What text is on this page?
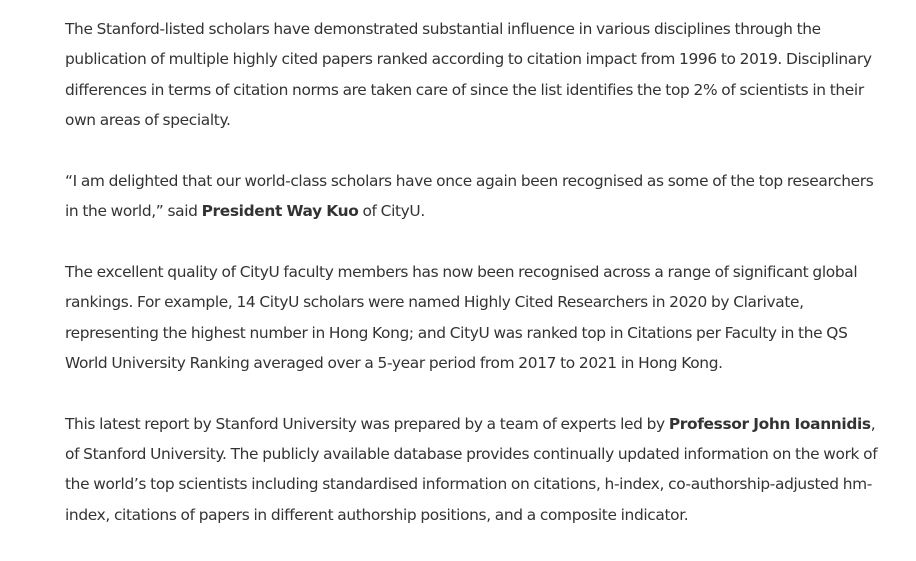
The Stanford-listed scholars have demonstrated substantial influence in various disciplines through the publication of multiple highly cited papers ranked according to citation impact from 1996 to 2019. Disciplinary differences in terms of citation norms are taken care of since the list identifies the top 2% of scientists in their own areas of specialty.

“I am delighted that our world-class scholars have once again been recognised as some of the top researchers in the world,” said President Way Kuo of CityU.

The excellent quality of CityU faculty members has now been recognised across a range of significant global rankings. For example, 14 CityU scholars were named Highly Cited Researchers in 2020 by Clarivate, representing the highest number in Hong Kong; and CityU was ranked top in Citations per Faculty in the QS World University Ranking averaged over a 5-year period from 2017 to 2021 in Hong Kong.

This latest report by Stanford University was prepared by a team of experts led by Professor John Ioannidis, of Stanford University. The publicly available database provides continually updated information on the work of the world’s top scientists including standardised information on citations, h-index, co-authorship-adjusted hm-index, citations of papers in different authorship positions, and a composite indicator.
